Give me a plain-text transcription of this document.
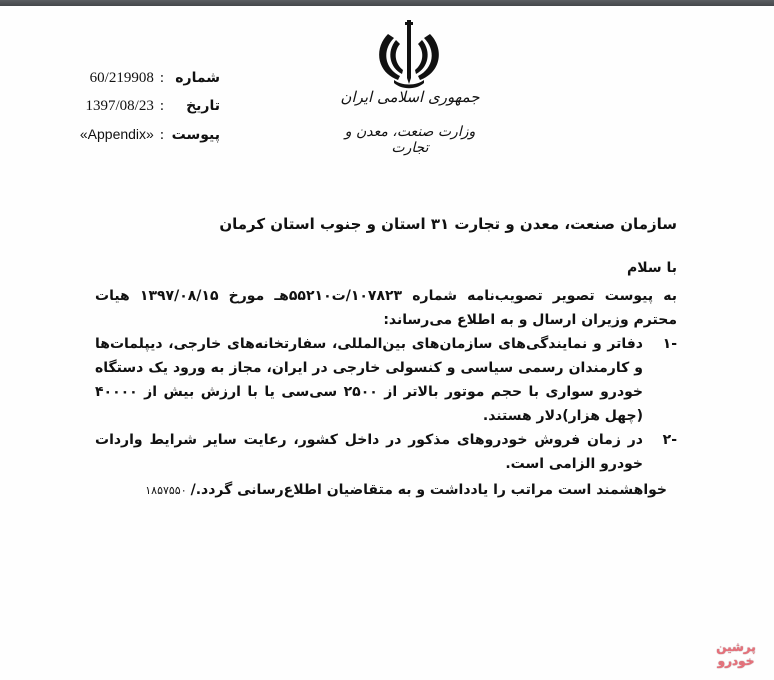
جمهوری اسلامی ایران
وزارت صنعت، معدن و تجارت
شماره
:
60/219908
تاریخ
:
1397/08/23
پیوست
:
«Appendix»
سازمان صنعت، معدن و تجارت ۳۱ استان و جنوب استان کرمان
با سلام

به پیوست تصویر تصویب‌نامه شماره ۱۰۷۸۲۳/ت۵۵۲۱۰هـ مورخ ۱۳۹۷/۰۸/۱۵ هیات محترم وزیران ارسال و به اطلاع می‌رساند:

-۱
دفاتر و نمایندگی‌های سازمان‌های بین‌المللی، سفارتخانه‌های خارجی، دیپلمات‌ها و کارمندان رسمی سیاسی و کنسولی خارجی در ایران، مجاز به ورود یک دستگاه خودرو سواری با حجم موتور بالاتر از ۲۵۰۰ سی‌سی یا با ارزش بیش از ۴۰۰۰۰ (چهل هزار)دلار هستند.
-۲
در زمان فروش خودروهای مذکور در داخل کشور، رعایت سایر شرایط واردات خودرو الزامی است.

خواهشمند است مراتب را یادداشت و به متقاضیان اطلاع‌رسانی گردد./۱۸۵۷۵۵۰

پرشین
خودرو
